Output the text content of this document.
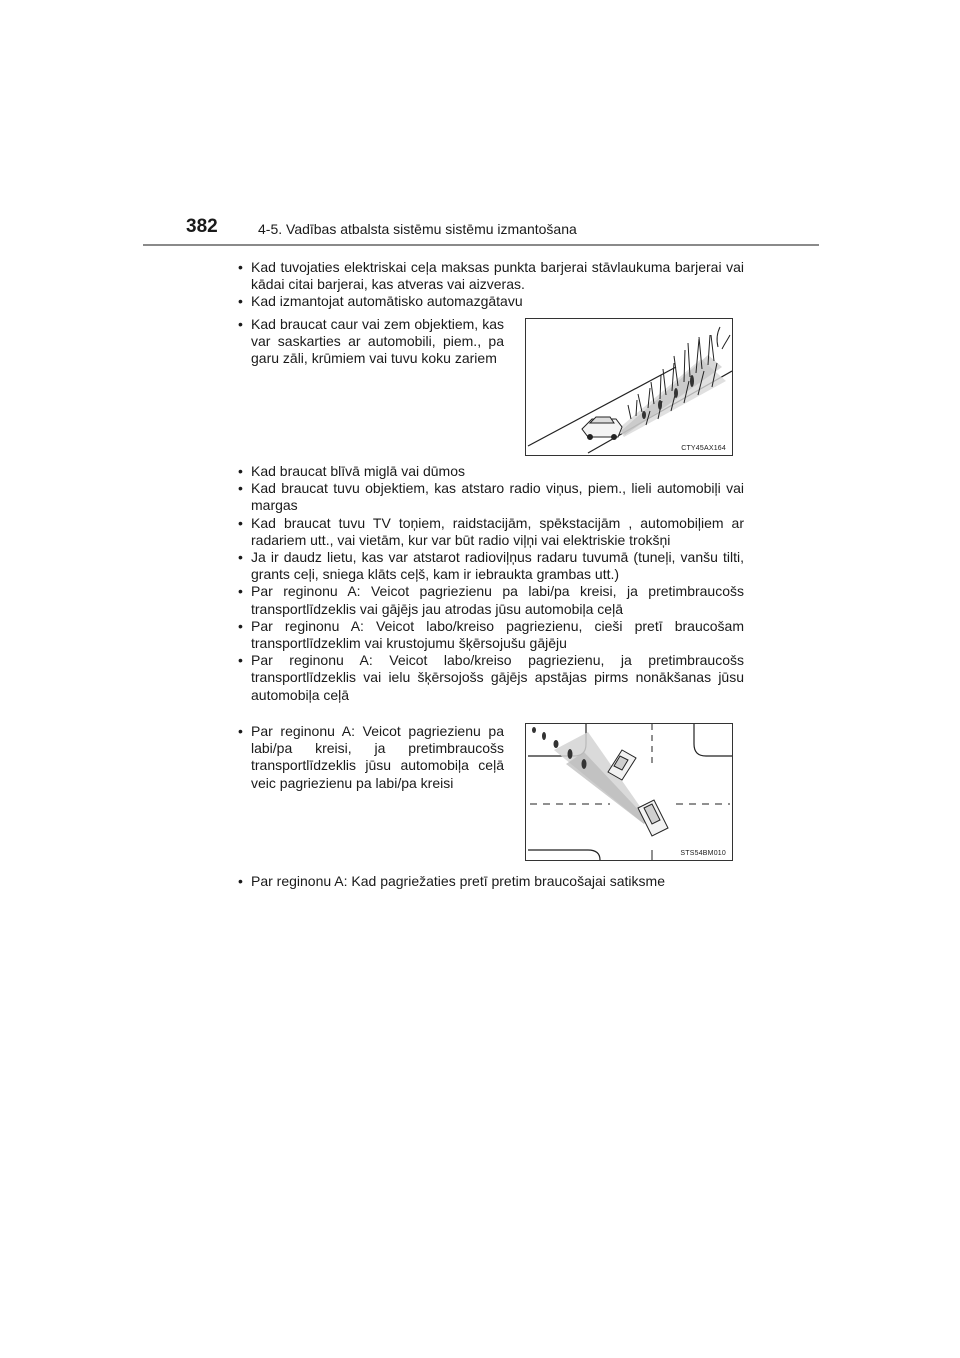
382	4-5. Vadības atbalsta sistēmu sistēmu izmantošana
• Kad tuvojaties elektriskai ceļa maksas punkta barjerai stāvlaukuma barjerai vai kādai citai barjerai, kas atveras vai aizveras.
• Kad izmantojat automātisko automazgātavu
• Kad braucat caur vai zem objektiem, kas var saskarties ar automobili, piem., pa garu zāli, krūmiem vai tuvu koku zariem
CTY45AX164
• Kad braucat blīvā miglā vai dūmos
• Kad braucat tuvu objektiem, kas atstaro radio viņus, piem., lieli automobiļi vai margas
• Kad braucat tuvu TV toņiem, raidstacijām, spēkstacijām , automobiļiem ar radariem utt., vai vietām, kur var būt radio viļņi vai elektriskie trokšņi
• Ja ir daudz lietu, kas var atstarot radioviļņus radaru tuvumā (tuneļi, vanšu tilti, grants ceļi, sniega klāts ceļš, kam ir iebraukta grambas utt.)
• Par reginonu A: Veicot pagriezienu pa labi/pa kreisi, ja pretimbraucošs transportlīdzeklis vai gājējs jau atrodas jūsu automobiļa ceļā
• Par reginonu A: Veicot labo/kreiso pagriezienu, cieši pretī braucošam transportlīdzeklim vai krustojumu šķērsojušu gājēju
• Par reginonu A: Veicot labo/kreiso pagriezienu, ja pretimbraucošs transportlīdzeklis vai ielu šķērsojošs gājējs apstājas pirms nonākšanas jūsu automobiļa ceļā
• Par reginonu A: Veicot pagriezienu pa labi/pa kreisi, ja pretimbraucošs transportlīdzeklis jūsu automobiļa ceļā veic pagriezienu pa labi/pa kreisi
STS54BM010
• Par reginonu A: Kad pagriežaties pretī pretim braucošajai satiksme
